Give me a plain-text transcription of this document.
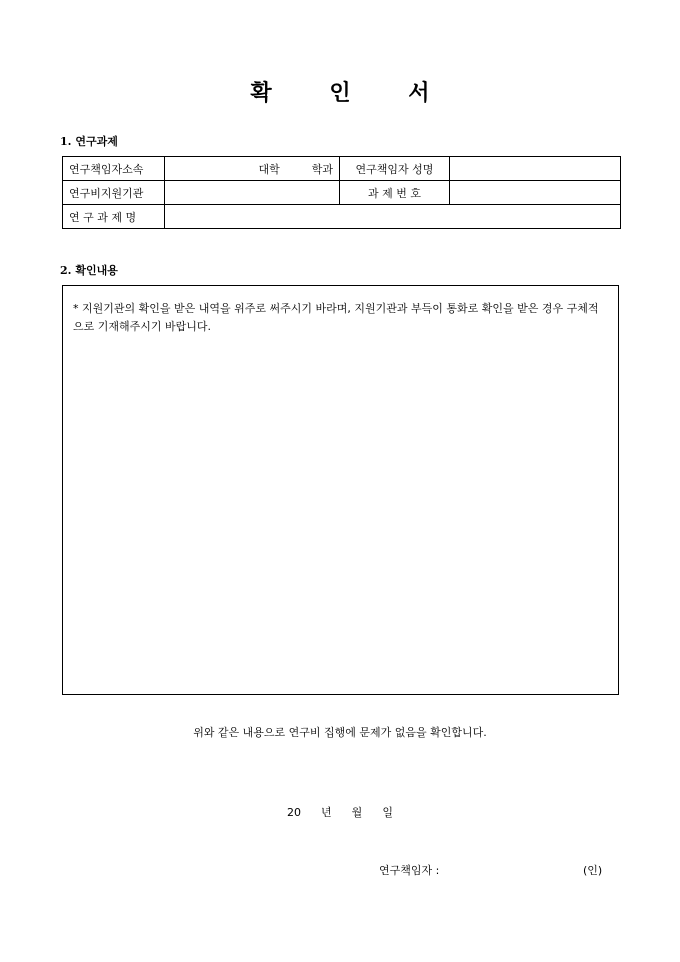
확	인	서
1. 연구과제
연구책임자소속	대학 학과	연구책임자 성명	
연구비지원기관		과 제 번 호	
연 구 과 제 명			
2. 확인내용
* 지원기관의 확인을 받은 내역을 위주로 써주시기 바라며, 지원기관과 부득이 통화로 확인을 받은 경우 구체적으로 기재해주시기 바랍니다.
위와 같은 내용으로 연구비 집행에 문제가 없음을 확인합니다.
20 년 월 일
연구책임자 :	(인)
